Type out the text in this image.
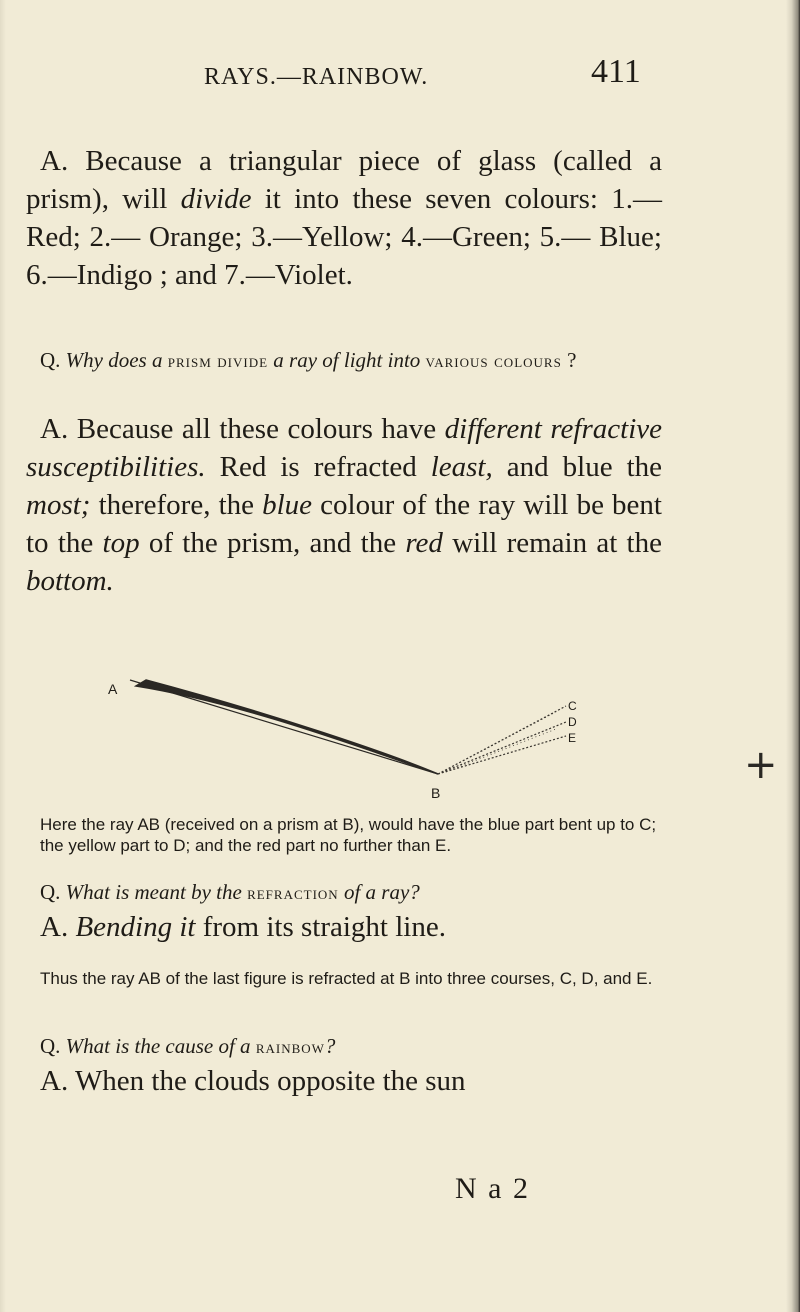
RAYS.—RAINBOW.	411
A. Because a triangular piece of glass (called a prism), will divide it into these seven colours: 1.—Red; 2.— Orange; 3.—Yellow; 4.—Green; 5.— Blue; 6.—Indigo ; and 7.—Violet.
Q. Why does a prism divide a ray of light into various colours ?
A. Because all these colours have different refractive susceptibilities. Red is refracted least, and blue the most; therefore, the blue colour of the ray will be bent to the top of the prism, and the red will remain at the bottom.
A
B
C
D
E
Here the ray AB (received on a prism at B), would have the blue part bent up to C; the yellow part to D; and the red part no further than E.
Q. What is meant by the refraction of a ray?
A. Bending it from its straight line.
Thus the ray AB of the last figure is refracted at B into three courses, C, D, and E.
Q. What is the cause of a rainbow?
A. When the clouds opposite the sun
N a 2
+
